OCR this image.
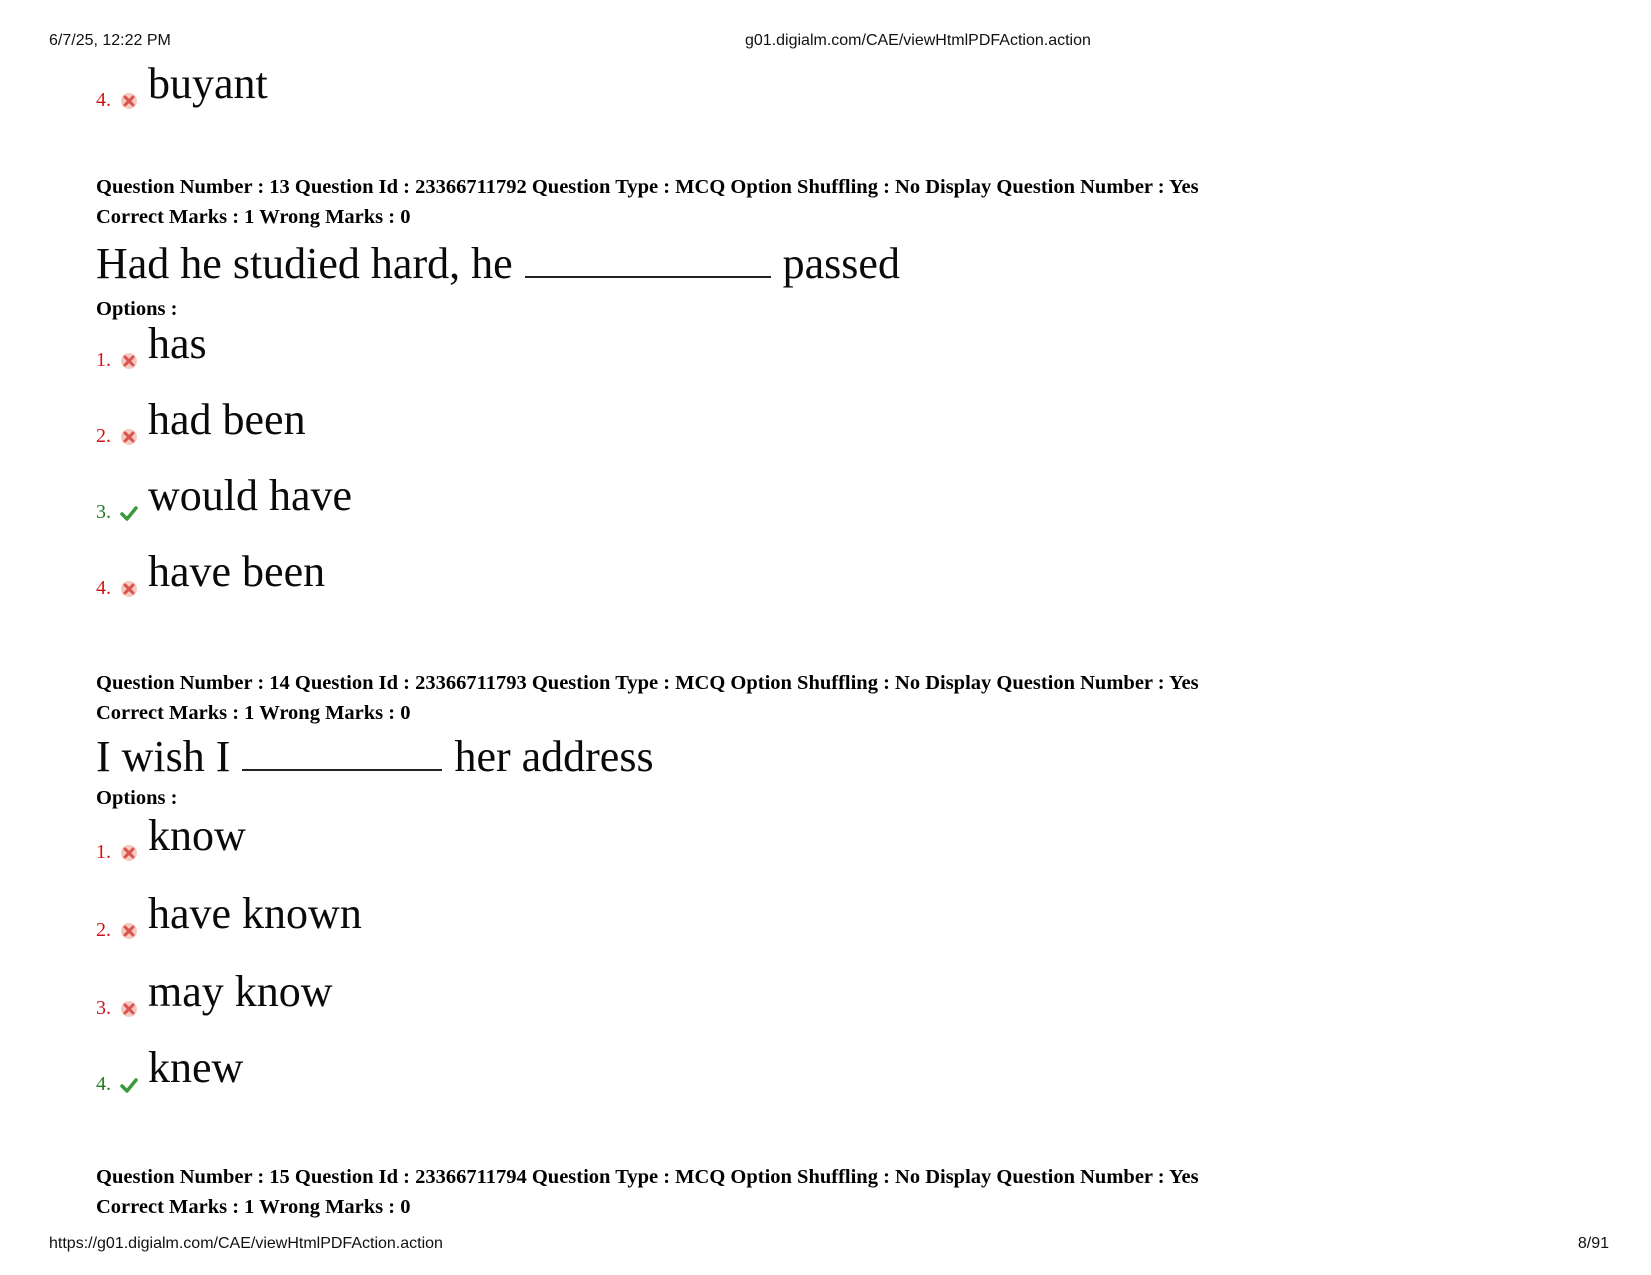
6/7/25, 12:22 PM	g01.digialm.com/CAE/viewHtmlPDFAction.action
https://g01.digialm.com/CAE/viewHtmlPDFAction.action	8/91
4. buyant
Question Number : 13 Question Id : 23366711792 Question Type : MCQ Option Shuffling : No Display Question Number : Yes
Correct Marks : 1 Wrong Marks : 0
Had he studied hard, he	passed
Options :
1. has
2. had been
3. would have
4. have been
Question Number : 14 Question Id : 23366711793 Question Type : MCQ Option Shuffling : No Display Question Number : Yes
Correct Marks : 1 Wrong Marks : 0
I wish I	her address
Options :
1. know
2. have known
3. may know
4. knew
Question Number : 15 Question Id : 23366711794 Question Type : MCQ Option Shuffling : No Display Question Number : Yes
Correct Marks : 1 Wrong Marks : 0
